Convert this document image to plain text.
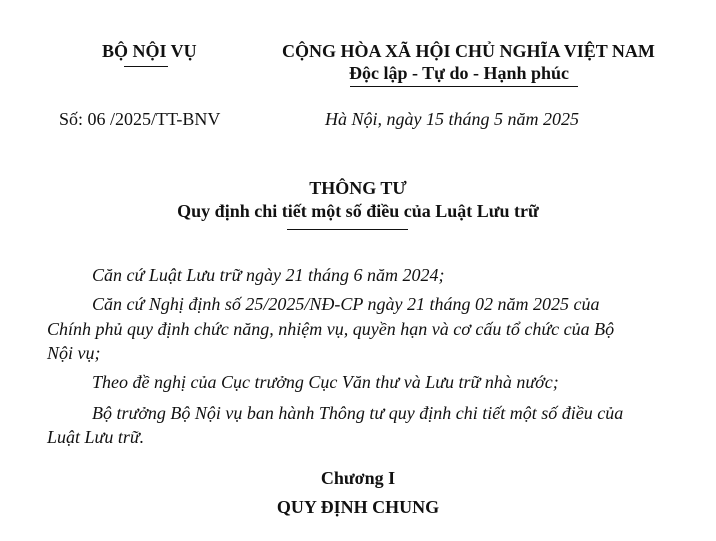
BỘ NỘI VỤ	CỘNG HÒA XÃ HỘI CHỦ NGHĨA VIỆT NAM
Độc lập - Tự do - Hạnh phúc
Số: 06 /2025/TT-BNV	Hà Nội, ngày 15 tháng 5 năm 2025
THÔNG TƯ
Quy định chi tiết một số điều của Luật Lưu trữ
Căn cứ Luật Lưu trữ ngày 21 tháng 6 năm 2024;
Căn cứ Nghị định số 25/2025/NĐ-CP ngày 21 tháng 02 năm 2025 của
Chính phủ quy định chức năng, nhiệm vụ, quyền hạn và cơ cấu tổ chức của Bộ
Nội vụ;
Theo đề nghị của Cục trưởng Cục Văn thư và Lưu trữ nhà nước;
Bộ trưởng Bộ Nội vụ ban hành Thông tư quy định chi tiết một số điều của
Luật Lưu trữ.
Chương I
QUY ĐỊNH CHUNG
